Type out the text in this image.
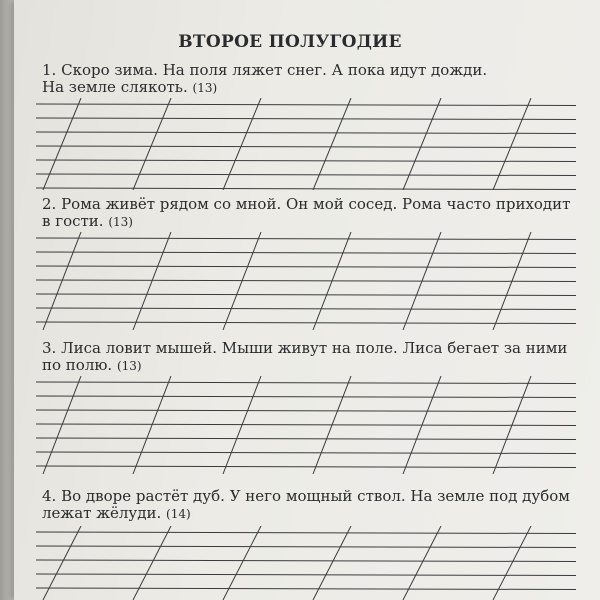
ВТОРОЕ ПОЛУГОДИЕ
1. Скоро зима. На поля ляжет снег. А пока идут дожди.
На земле слякоть. (13)
2. Рома живёт рядом со мной. Он мой сосед. Рома часто приходит
в гости. (13)
3. Лиса ловит мышей. Мыши живут на поле. Лиса бегает за ними
по полю. (13)
4. Во дворе растёт дуб. У него мощный ствол. На земле под дубом
лежат жёлуди. (14)
